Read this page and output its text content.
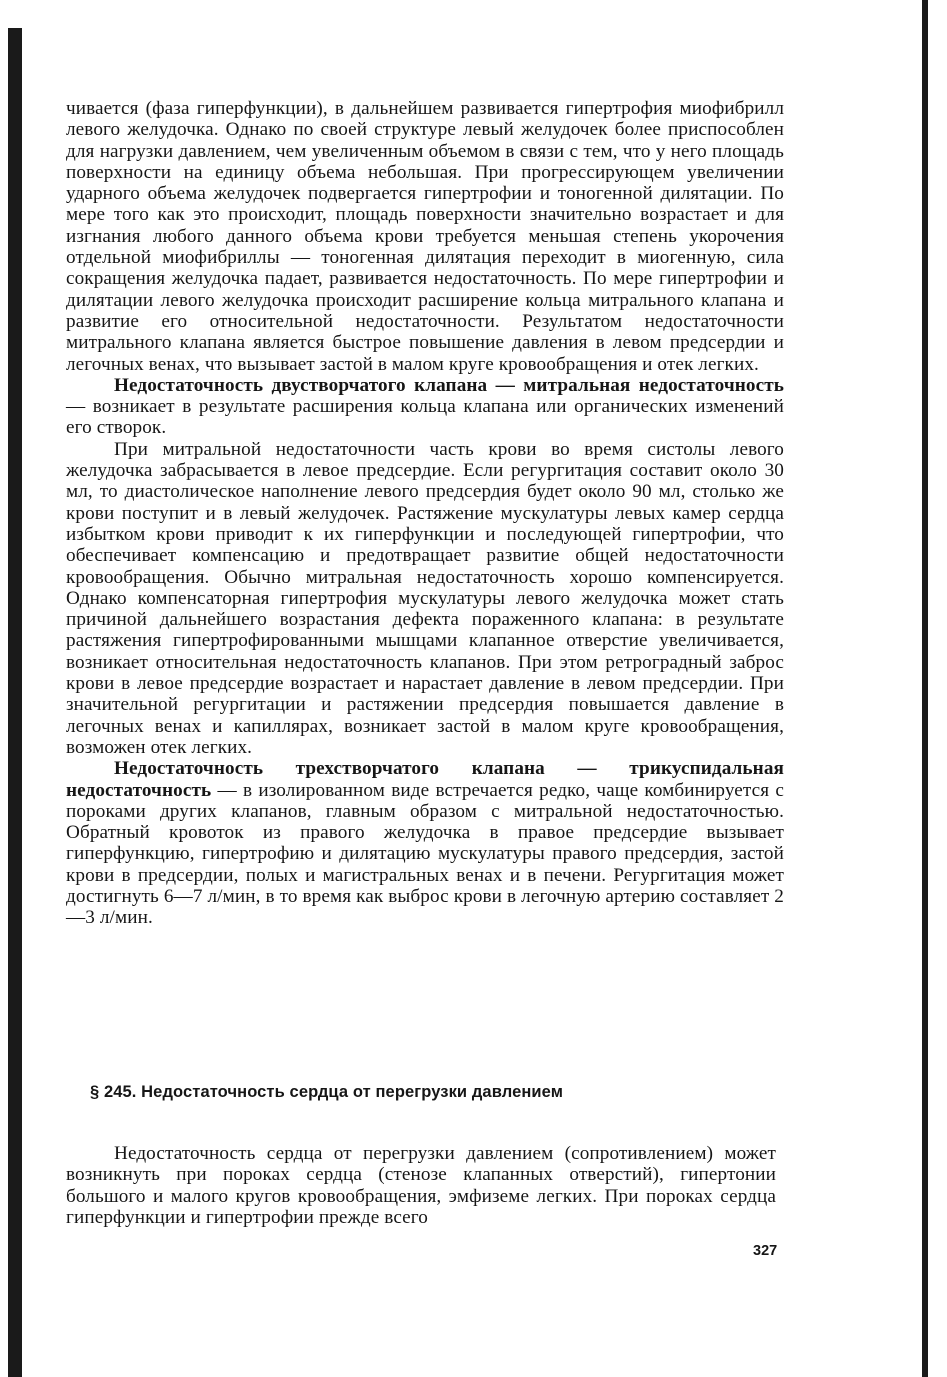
чивается (фаза гиперфункции), в дальнейшем развивается гипертрофия миофибрилл левого желудочка. Однако по своей структуре левый желудочек более приспособлен для нагрузки давлением, чем увеличенным объемом в связи с тем, что у него площадь поверхности на единицу объема небольшая. При прогрессирующем увеличении ударного объема желудочек подвергается гипертрофии и тоногенной дилятации. По мере того как это происходит, площадь поверхности значительно возрастает и для изгнания любого данного объема крови требуется меньшая степень укорочения отдельной миофибриллы — тоногенная дилятация переходит в миогенную, сила сокращения желудочка падает, развивается недостаточность. По мере гипертрофии и дилятации левого желудочка происходит расширение кольца митрального клапана и развитие его относительной недостаточности. Результатом недостаточности митрального клапана является быстрое повышение давления в левом предсердии и легочных венах, что вызывает застой в малом круге кровообращения и отек легких.

Недостаточность двустворчатого клапана — митральная недостаточность — возникает в результате расширения кольца клапана или органических изменений его створок.

При митральной недостаточности часть крови во время систолы левого желудочка забрасывается в левое предсердие. Если регургитация составит около 30 мл, то диастолическое наполнение левого предсердия будет около 90 мл, столько же крови поступит и в левый желудочек. Растяжение мускулатуры левых камер сердца избытком крови приводит к их гиперфункции и последующей гипертрофии, что обеспечивает компенсацию и предотвращает развитие общей недостаточности кровообращения. Обычно митральная недостаточность хорошо компенсируется. Однако компенсаторная гипертрофия мускулатуры левого желудочка может стать причиной дальнейшего возрастания дефекта пораженного клапана: в результате растяжения гипертрофированными мышцами клапанное отверстие увеличивается, возникает относительная недостаточность клапанов. При этом ретроградный заброс крови в левое предсердие возрастает и нарастает давление в левом предсердии. При значительной регургитации и растяжении предсердия повышается давление в легочных венах и капиллярах, возникает застой в малом круге кровообращения, возможен отек легких.

Недостаточность трехстворчатого клапана — трикуспидальная недостаточность — в изолированном виде встречается редко, чаще комбинируется с пороками других клапанов, главным образом с митральной недостаточностью. Обратный кровоток из правого желудочка в правое предсердие вызывает гиперфункцию, гипертрофию и дилятацию мускулатуры правого предсердия, застой крови в предсердии, полых и магистральных венах и в печени. Регургитация может достигнуть 6—7 л/мин, в то время как выброс крови в легочную артерию составляет 2—3 л/мин.

§ 245. Недостаточность сердца от перегрузки давлением

Недостаточность сердца от перегрузки давлением (сопротивлением) может возникнуть при пороках сердца (стенозе клапанных отверстий), гипертонии большого и малого кругов кровообращения, эмфиземе легких. При пороках сердца гиперфункции и гипертрофии прежде всего

327
